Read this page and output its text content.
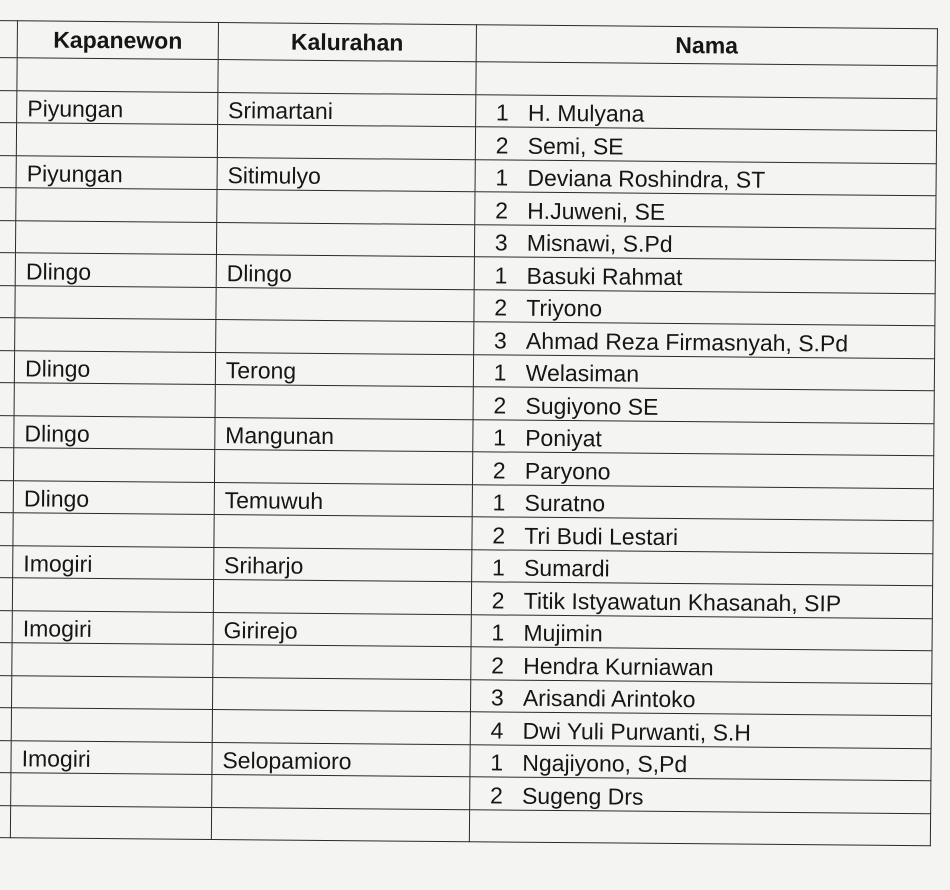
	Kapanewon	Kalurahan	Nama

	Piyungan	Srimartani	1 H. Mulyana
			2 Semi, SE
	Piyungan	Sitimulyo	1 Deviana Roshindra, ST
			2 H.Juweni, SE
			3 Misnawi, S.Pd
	Dlingo	Dlingo	1 Basuki Rahmat
			2 Triyono
			3 Ahmad Reza Firmasnyah, S.Pd
	Dlingo	Terong	1 Welasiman
			2 Sugiyono SE
	Dlingo	Mangunan	1 Poniyat
			2 Paryono
	Dlingo	Temuwuh	1 Suratno
			2 Tri Budi Lestari
	Imogiri	Sriharjo	1 Sumardi
			2 Titik Istyawatun Khasanah, SIP
	Imogiri	Girirejo	1 Mujimin
			2 Hendra Kurniawan
			3 Arisandi Arintoko
			4 Dwi Yuli Purwanti, S.H
	Imogiri	Selopamioro	1 Ngajiyono, S,Pd
			2 Sugeng Drs
